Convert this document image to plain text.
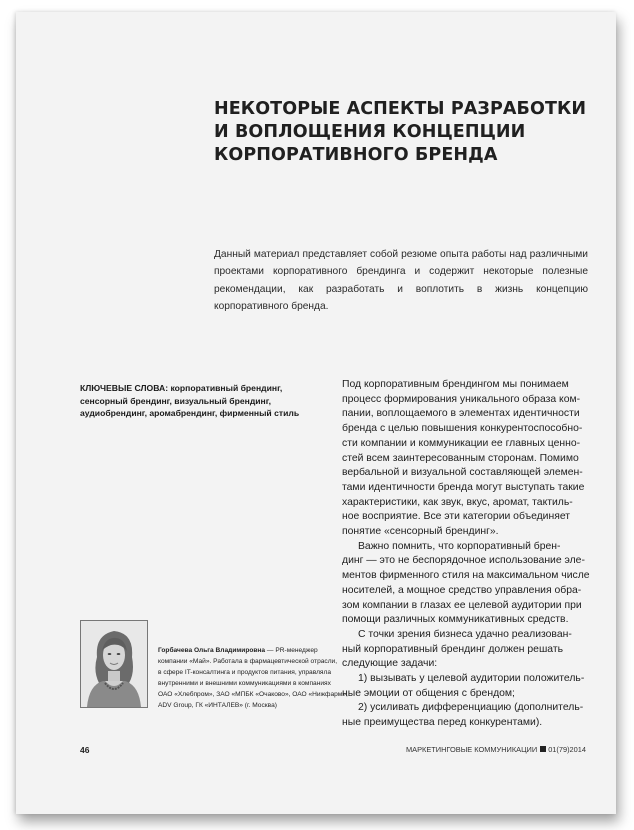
НЕКОТОРЫЕ АСПЕКТЫ РАЗРАБОТКИ
И ВОПЛОЩЕНИЯ КОНЦЕПЦИИ
КОРПОРАТИВНОГО БРЕНДА
Данный материал представляет собой резюме опыта работы над различными проектами корпоративного брендинга и содержит некоторые полезные рекомендации, как разработать и воплотить в жизнь концепцию корпоративного бренда.
КЛЮЧЕВЫЕ СЛОВА: корпоративный брендинг, сенсорный брендинг, визуальный брендинг, аудиобрендинг, аромабрендинг, фирменный стиль
Под корпоративным брендингом мы понимаем
процесс формирования уникального образа ком-
пании, воплощаемого в элементах идентичности
бренда с целью повышения конкурентоспособно-
сти компании и коммуникации ее главных ценно-
стей всем заинтересованным сторонам. Помимо
вербальной и визуальной составляющей элемен-
тами идентичности бренда могут выступать такие
характеристики, как звук, вкус, аромат, тактиль-
ное восприятие. Все эти категории объединяет
понятие «сенсорный брендинг».
Важно помнить, что корпоративный брен-
динг — это не беспорядочное использование эле-
ментов фирменного стиля на максимальном числе
носителей, а мощное средство управления обра-
зом компании в глазах ее целевой аудитории при
помощи различных коммуникативных средств.
С точки зрения бизнеса удачно реализован-
ный корпоративный брендинг должен решать
следующие задачи:
1) вызывать у целевой аудитории положитель-
ные эмоции от общения с брендом;
2) усиливать дифференциацию (дополнитель-
ные преимущества перед конкурентами).
Горбачева Ольга Владимировна — PR-менеджер
компании «Май». Работала в фармацевтической отрасли,
в сфере IT-консалтинга и продуктов питания, управляла
внутренними и внешними коммуникациями в компаниях
ОАО «Хлебпром», ЗАО «МПБК «Очаково», ОАО «Нижфарм»,
ADV Group, ГК «ИНТАЛЕВ» (г. Москва)
46	МАРКЕТИНГОВЫЕ КОММУНИКАЦИИ 01(79)2014
